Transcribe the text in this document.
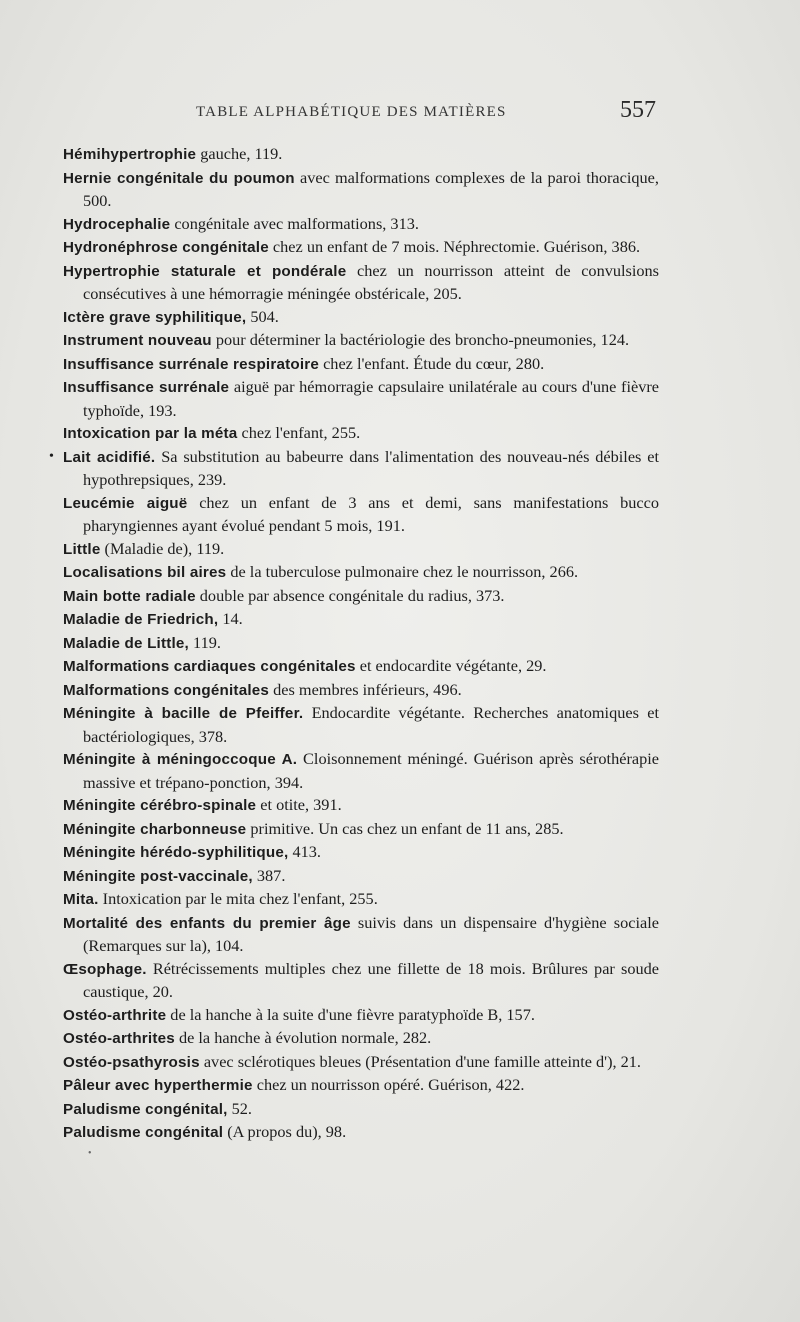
TABLE ALPHABÉTIQUE DES MATIÈRES	557

Hémihypertrophie gauche, 119.

Hernie congénitale du poumon avec malformations complexes de la paroi thoracique, 500.

Hydrocephalie congénitale avec malformations, 313.

Hydronéphrose congénitale chez un enfant de 7 mois. Néphrectomie. Guérison, 386.

Hypertrophie staturale et pondérale chez un nourrisson atteint de convulsions consécutives à une hémorragie méningée obstéricale, 205.

Ictère grave syphilitique, 504.

Instrument nouveau pour déterminer la bactériologie des broncho-pneumonies, 124.

Insuffisance surrénale respiratoire chez l'enfant. Étude du cœur, 280.

Insuffisance surrénale aiguë par hémorragie capsulaire unilatérale au cours d'une fièvre typhoïde, 193.

Intoxication par la méta chez l'enfant, 255.

• Lait acidifié. Sa substitution au babeurre dans l'alimentation des nouveau-nés débiles et hypothrepsiques, 239.

Leucémie aiguë chez un enfant de 3 ans et demi, sans manifestations bucco pharyngiennes ayant évolué pendant 5 mois, 191.

Little (Maladie de), 119.

Localisations bil aires de la tuberculose pulmonaire chez le nourrisson, 266.

Main botte radiale double par absence congénitale du radius, 373.

Maladie de Friedrich, 14.

Maladie de Little, 119.

Malformations cardiaques congénitales et endocardite végétante, 29.

Malformations congénitales des membres inférieurs, 496.

Méningite à bacille de Pfeiffer. Endocardite végétante. Recherches anatomiques et bactériologiques, 378.

Méningite à méningoccoque A. Cloisonnement méningé. Guérison après sérothérapie massive et trépano-ponction, 394.

Méningite cérébro-spinale et otite, 391.

Méningite charbonneuse primitive. Un cas chez un enfant de 11 ans, 285.

Méningite hérédo-syphilitique, 413.

Méningite post-vaccinale, 387.

Mita. Intoxication par le mita chez l'enfant, 255.

Mortalité des enfants du premier âge suivis dans un dispensaire d'hygiène sociale (Remarques sur la), 104.

Œsophage. Rétrécissements multiples chez une fillette de 18 mois. Brûlures par soude caustique, 20.

Ostéo-arthrite de la hanche à la suite d'une fièvre paratyphoïde B, 157.

Ostéo-arthrites de la hanche à évolution normale, 282.

Ostéo-psathyrosis avec sclérotiques bleues (Présentation d'une famille atteinte d'), 21.

Pâleur avec hyperthermie chez un nourrisson opéré. Guérison, 422.

Paludisme congénital, 52.

Paludisme congénital (A propos du), 98.

•
